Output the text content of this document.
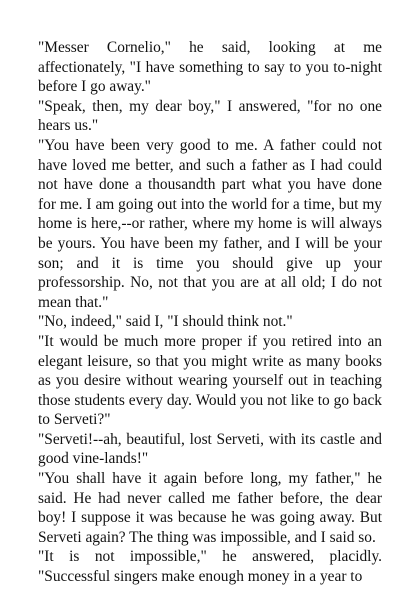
"Messer Cornelio," he said, looking at me affectionately, "I have something to say to you to-night before I go away."

"Speak, then, my dear boy," I answered, "for no one hears us."

"You have been very good to me. A father could not have loved me better, and such a father as I had could not have done a thousandth part what you have done for me. I am going out into the world for a time, but my home is here,--or rather, where my home is will always be yours. You have been my father, and I will be your son; and it is time you should give up your professorship. No, not that you are at all old; I do not mean that."

"No, indeed," said I, "I should think not."

"It would be much more proper if you retired into an elegant leisure, so that you might write as many books as you desire without wearing yourself out in teaching those students every day. Would you not like to go back to Serveti?"

"Serveti!--ah, beautiful, lost Serveti, with its castle and good vine-lands!"

"You shall have it again before long, my father," he said. He had never called me father before, the dear boy! I suppose it was because he was going away. But Serveti again? The thing was impossible, and I said so.

"It is not impossible," he answered, placidly. "Successful singers make enough money in a year to
